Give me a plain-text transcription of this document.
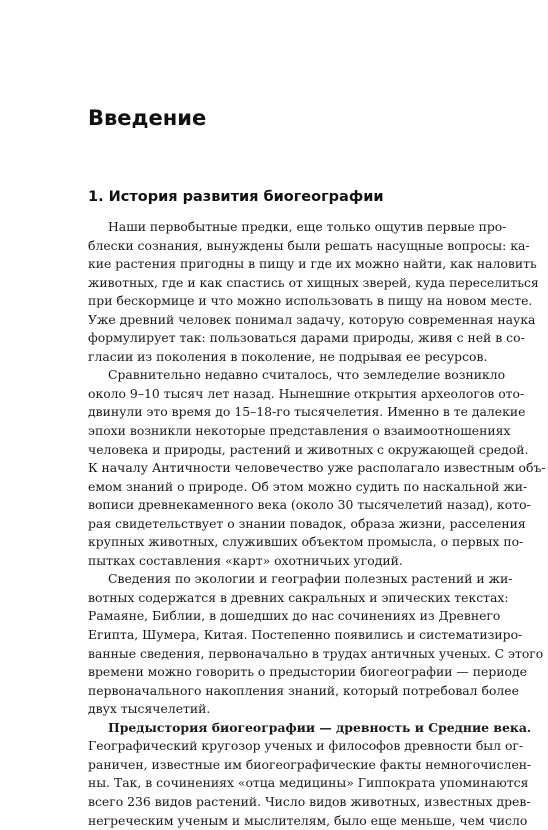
Введение
1. История развития биогеографии
Наши первобытные предки, еще только ощутив первые про-
блески сознания, вынуждены были решать насущные вопросы: ка-
кие растения пригодны в пищу и где их можно найти, как наловить
животных, где и как спастись от хищных зверей, куда переселиться
при бескормице и что можно использовать в пищу на новом месте.
Уже древний человек понимал задачу, которую современная наука
формулирует так: пользоваться дарами природы, живя с ней в со-
гласии из поколения в поколение, не подрывая ее ресурсов.
Сравнительно недавно считалось, что земледелие возникло
около 9–10 тысяч лет назад. Нынешние открытия археологов ото-
двинули это время до 15–18-го тысячелетия. Именно в те далекие
эпохи возникли некоторые представления о взаимоотношениях
человека и природы, растений и животных с окружающей средой.
К началу Античности человечество уже располагало известным объ-
емом знаний о природе. Об этом можно судить по наскальной жи-
вописи древнекаменного века (около 30 тысячелетий назад), кото-
рая свидетельствует о знании повадок, образа жизни, расселения
крупных животных, служивших объектом промысла, о первых по-
пытках составления «карт» охотничьих угодий.
Сведения по экологии и географии полезных растений и жи-
вотных содержатся в древних сакральных и эпических текстах:
Рамаяне, Библии, в дошедших до нас сочинениях из Древнего
Египта, Шумера, Китая. Постепенно появились и систематизиро-
ванные сведения, первоначально в трудах античных ученых. С этого
времени можно говорить о предыстории биогеографии — периоде
первоначального накопления знаний, который потребовал более
двух тысячелетий.
Предыстория биогеографии — древность и Средние века.
Географический кругозор ученых и философов древности был ог-
раничен, известные им биогеографические факты немногочислен-
ны. Так, в сочинениях «отца медицины» Гиппократа упоминаются
всего 236 видов растений. Число видов животных, известных древ-
негреческим ученым и мыслителям, было еще меньше, чем число
